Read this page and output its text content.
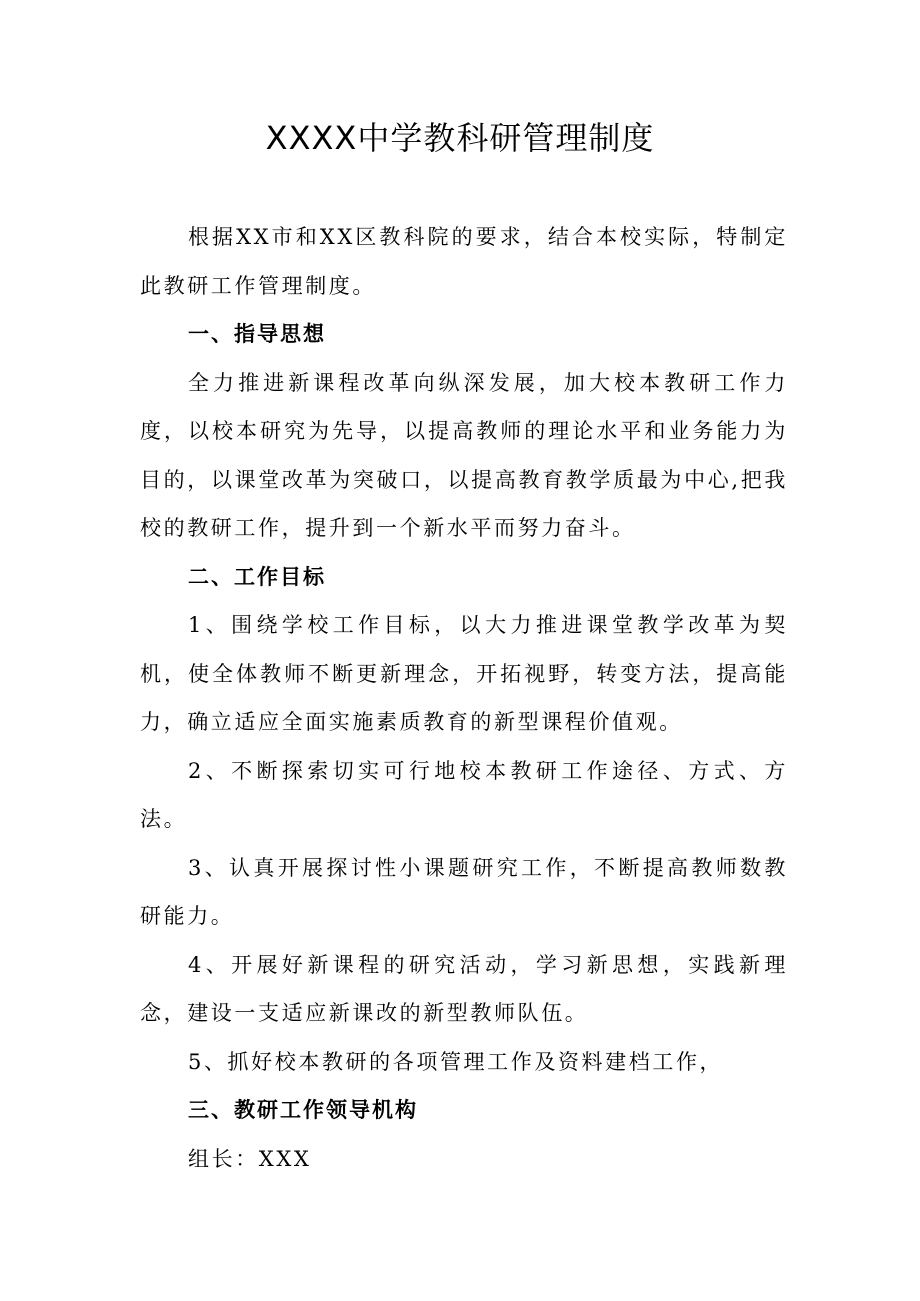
XXXX中学教科研管理制度

根据XX市和XX区教科院的要求，结合本校实际，特制定此教研工作管理制度。

一、指导思想

全力推进新课程改革向纵深发展，加大校本教研工作力度，以校本研究为先导，以提高教师的理论水平和业务能力为目的，以课堂改革为突破口，以提高教育教学质最为中心,把我校的教研工作，提升到一个新水平而努力奋斗。

二、工作目标

1、围绕学校工作目标，以大力推进课堂教学改革为契机，使全体教师不断更新理念，开拓视野，转变方法，提高能力，确立适应全面实施素质教育的新型课程价值观。

2、不断探索切实可行地校本教研工作途径、方式、方法。

3、认真开展探讨性小课题研究工作，不断提高教师数教研能力。

4、开展好新课程的研究活动，学习新思想，实践新理念，建设一支适应新课改的新型教师队伍。

5、抓好校本教研的各项管理工作及资料建档工作，

三、教研工作领导机构

组长：XXX
